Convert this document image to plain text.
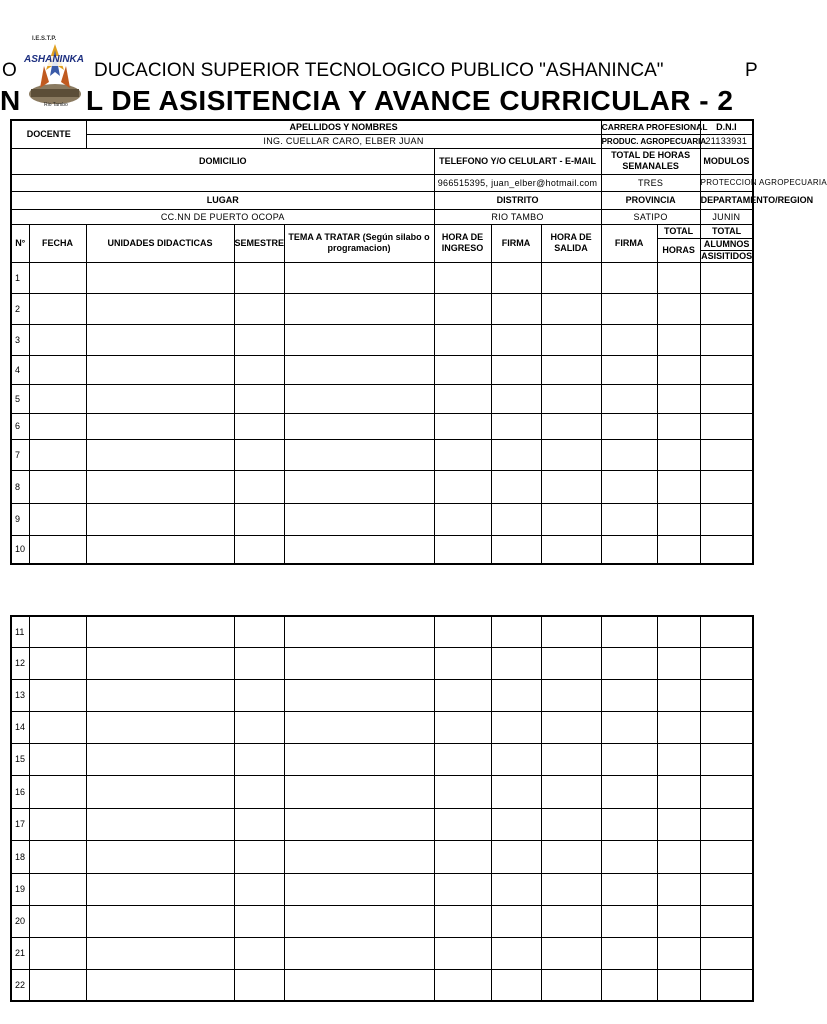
O	DUCACION SUPERIOR TECNOLOGICO PUBLICO "ASHANINCA"	P
N L DE ASISITENCIA Y AVANCE CURRICULAR - 2
I.E.S.T.P.
ASHANINKA
Rio Tambo
DOCENTE		APELLIDOS Y NOMBRES						CARRERA PROFESIONAL		D.N.I
		ING. CUELLAR CARO, ELBER JUAN						PRODUC. AGROPECUARIA		21133931
DOMICILIO					TELEFONO Y/O CELULART - E-MAIL			TOTAL DE HORAS SEMANALES		MODULOS
					966515395, juan_elber@hotmail.com			TRES		PROTECCION AGROPECUARIA
LUGAR					DISTRITO			PROVINCIA		DEPARTAMENTO/REGION
CC.NN DE PUERTO OCOPA					RIO TAMBO			SATIPO		JUNIN
N°	FECHA	UNIDADES DIDACTICAS	SEMESTRE	TEMA A TRATAR (Según silabo o programacion)	HORA DE INGRESO	FIRMA	HORA DE SALIDA	FIRMA	TOTAL	TOTAL
									HORAS	ALUMNOS
ASISITIDOS

1										
2										
3										
4										
5										
6										
7										
8										
9										
10										
11										
12										
13										
14										
15										
16										
17										
18										
19										
20										
21										
22										
